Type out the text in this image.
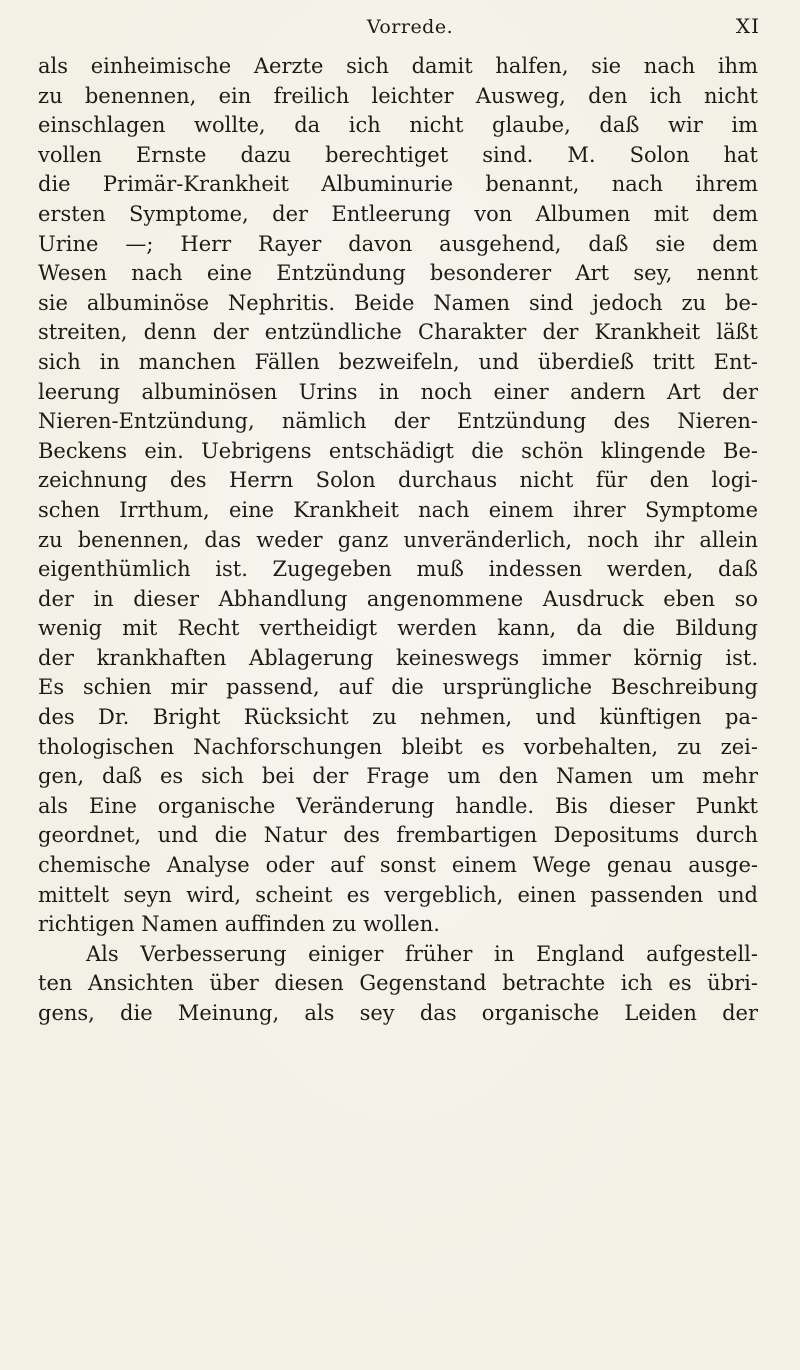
Vorrede.	XI
als einheimische Aerzte sich damit halfen, sie nach ihm
zu benennen, ein freilich leichter Ausweg, den ich nicht
einschlagen wollte, da ich nicht glaube, daß wir im
vollen Ernste dazu berechtiget sind. M. Solon hat
die Primär-Krankheit Albuminurie benannt, nach ihrem
ersten Symptome, der Entleerung von Albumen mit dem
Urine —; Herr Rayer davon ausgehend, daß sie dem
Wesen nach eine Entzündung besonderer Art sey, nennt
sie albuminöse Nephritis. Beide Namen sind jedoch zu be-
streiten, denn der entzündliche Charakter der Krankheit läßt
sich in manchen Fällen bezweifeln, und überdieß tritt Ent-
leerung albuminösen Urins in noch einer andern Art der
Nieren-Entzündung, nämlich der Entzündung des Nieren-
Beckens ein. Uebrigens entschädigt die schön klingende Be-
zeichnung des Herrn Solon durchaus nicht für den logi-
schen Irrthum, eine Krankheit nach einem ihrer Symptome
zu benennen, das weder ganz unveränderlich, noch ihr allein
eigenthümlich ist. Zugegeben muß indessen werden, daß
der in dieser Abhandlung angenommene Ausdruck eben so
wenig mit Recht vertheidigt werden kann, da die Bildung
der krankhaften Ablagerung keineswegs immer körnig ist.
Es schien mir passend, auf die ursprüngliche Beschreibung
des Dr. Bright Rücksicht zu nehmen, und künftigen pa-
thologischen Nachforschungen bleibt es vorbehalten, zu zei-
gen, daß es sich bei der Frage um den Namen um mehr
als Eine organische Veränderung handle. Bis dieser Punkt
geordnet, und die Natur des frembartigen Depositums durch
chemische Analyse oder auf sonst einem Wege genau ausge-
mittelt seyn wird, scheint es vergeblich, einen passenden und
richtigen Namen auffinden zu wollen.
Als Verbesserung einiger früher in England aufgestell-
ten Ansichten über diesen Gegenstand betrachte ich es übri-
gens, die Meinung, als sey das organische Leiden der
